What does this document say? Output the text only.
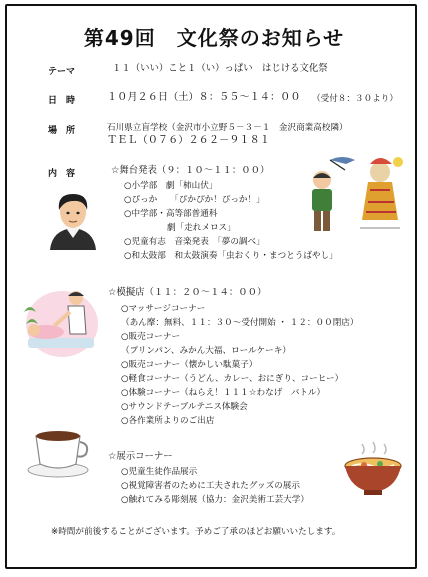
第49回　文化祭のお知らせ
テーマ	１１（いい）こと１（い）っぱい　はじける文化祭
日　時	１０月２６日（土）８：５５～１４：００ （受付８：３０より）
場　所	石川県立盲学校（金沢市小立野５－３－１　金沢商業高校隣）
ＴＥＬ（０７６）２６２－９１８１
内　容	☆舞台発表（９：１０～１１：００）
○小学部　劇「柿山伏」
○ぴっか　　「ぴかぴか！ぴっか！」
○中学部・高等部普通科
　　　　　劇「走れメロス」
○児童有志　音楽発表　「夢の調べ」
○和太鼓部　和太鼓演奏「虫おくり・まつとうばやし」
☆模擬店（１１：２０～１４：００）
○マッサージコーナー
（あん摩：無料、１１：３０～受付開始 ・ １２：００閉店）
○販売コーナー
（プリンパン、みかん大福、ロールケーキ）
○販売コーナー（懐かしい駄菓子）
○軽食コーナー（うどん、カレー、おにぎり、コーヒー）
○体験コーナー（ねらえ！１１１☆わなげ　バトル）
○サウンドテーブルテニス体験会
○各作業所よりのご出店
☆展示コーナー
○児童生徒作品展示
○視覚障害者のために工夫されたグッズの展示
○触れてみる彫刻展（協力：金沢美術工芸大学）
※時間が前後することがございます。予めご了承のほどお願いいたします。
